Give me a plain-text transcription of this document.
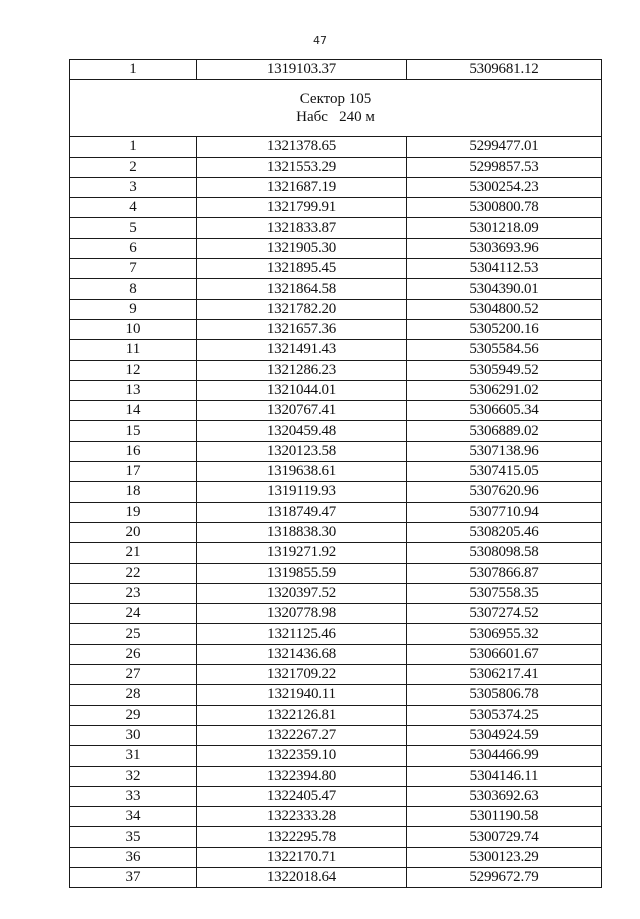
47
1	1319103.37	5309681.12

Сектор 105
Набс   240 м		

1	1321378.65	5299477.01
2	1321553.29	5299857.53
3	1321687.19	5300254.23
4	1321799.91	5300800.78
5	1321833.87	5301218.09
6	1321905.30	5303693.96
7	1321895.45	5304112.53
8	1321864.58	5304390.01
9	1321782.20	5304800.52
10	1321657.36	5305200.16
11	1321491.43	5305584.56
12	1321286.23	5305949.52
13	1321044.01	5306291.02
14	1320767.41	5306605.34
15	1320459.48	5306889.02
16	1320123.58	5307138.96
17	1319638.61	5307415.05
18	1319119.93	5307620.96
19	1318749.47	5307710.94
20	1318838.30	5308205.46
21	1319271.92	5308098.58
22	1319855.59	5307866.87
23	1320397.52	5307558.35
24	1320778.98	5307274.52
25	1321125.46	5306955.32
26	1321436.68	5306601.67
27	1321709.22	5306217.41
28	1321940.11	5305806.78
29	1322126.81	5305374.25
30	1322267.27	5304924.59
31	1322359.10	5304466.99
32	1322394.80	5304146.11
33	1322405.47	5303692.63
34	1322333.28	5301190.58
35	1322295.78	5300729.74
36	1322170.71	5300123.29
37	1322018.64	5299672.79
